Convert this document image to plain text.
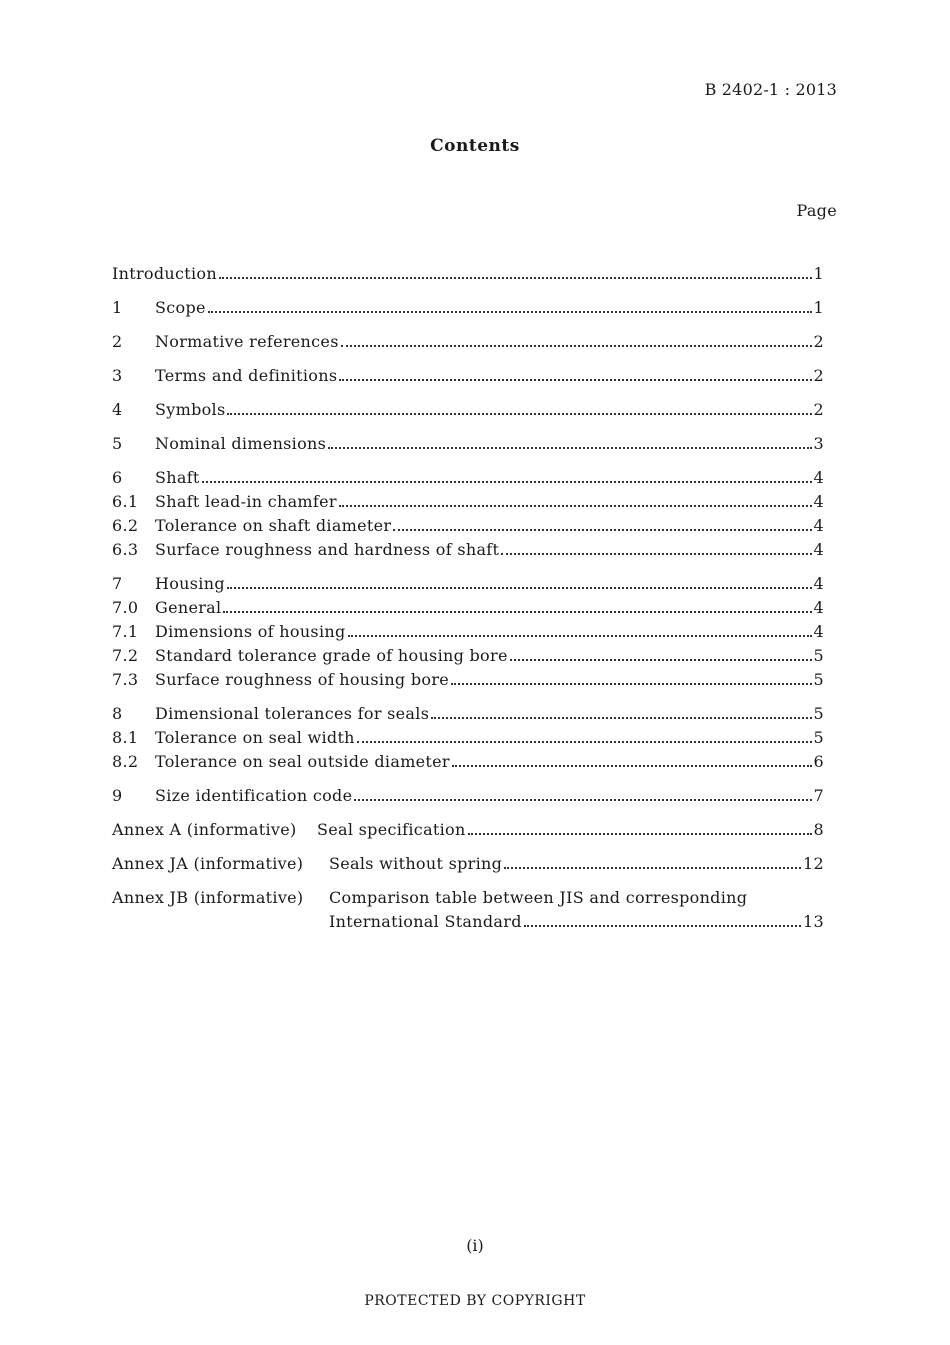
B 2402-1 : 2013
Contents
Page
Introduction	1
1	Scope	1
2	Normative references	2
3	Terms and definitions	2
4	Symbols	2
5	Nominal dimensions	3
6	Shaft	4
6.1	Shaft lead-in chamfer	4
6.2	Tolerance on shaft diameter	4
6.3	Surface roughness and hardness of shaft	4
7	Housing	4
7.0	General	4
7.1	Dimensions of housing	4
7.2	Standard tolerance grade of housing bore	5
7.3	Surface roughness of housing bore	5
8	Dimensional tolerances for seals	5
8.1	Tolerance on seal width	5
8.2	Tolerance on seal outside diameter	6
9	Size identification code	7
Annex A (informative)	Seal specification	8
Annex JA (informative)	Seals without spring	12
Annex JB (informative)	Comparison table between JIS and corresponding
International Standard	13
(i)
PROTECTED BY COPYRIGHT
